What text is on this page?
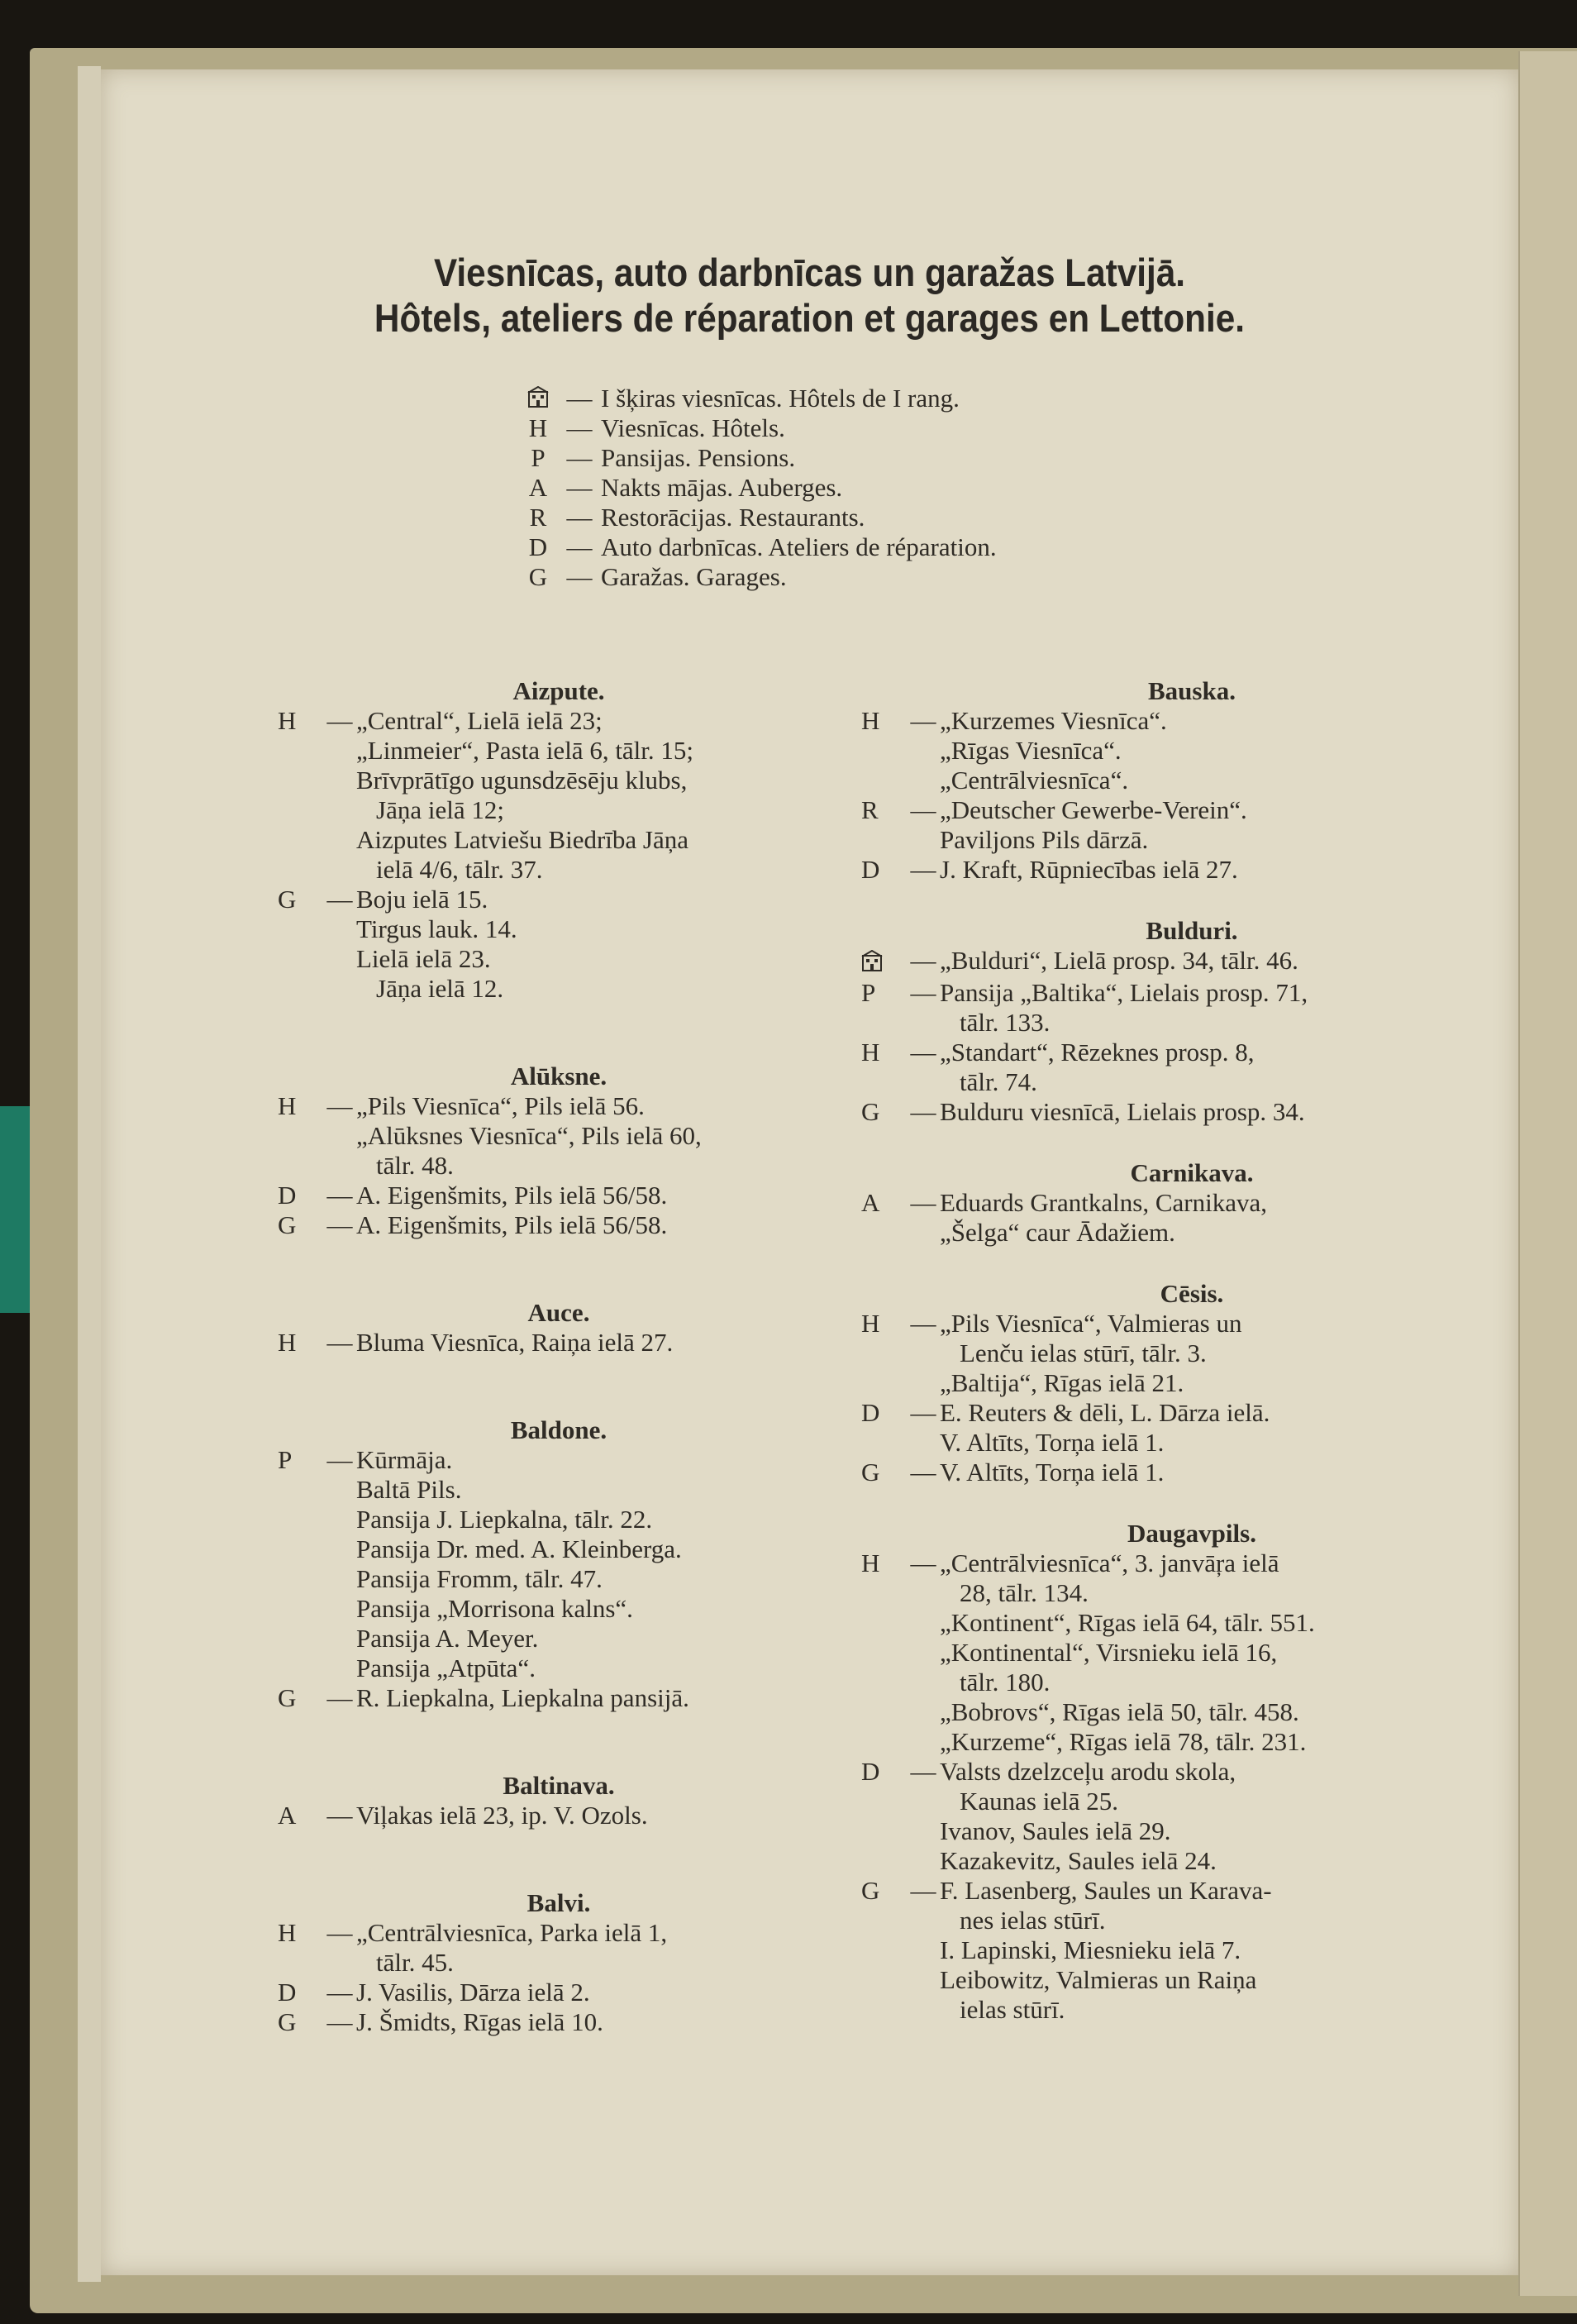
Viesnīcas, auto darbnīcas un garažas Latvijā.
Hôtels, ateliers de réparation et garages en Lettonie.
— I šķiras viesnīcas. Hôtels de I rang.
H — Viesnīcas. Hôtels.
P — Pansijas. Pensions.
A — Nakts mājas. Auberges.
R — Restorācijas. Restaurants.
D — Auto darbnīcas. Ateliers de réparation.
G — Garažas. Garages.
Aizpute.
H	— „Central“, Lielā ielā 23;
„Linmeier“, Pasta ielā 6, tālr. 15;
Brīvprātīgo ugunsdzēsēju klubs,
Jāņa ielā 12;
Aizputes Latviešu Biedrība Jāņa
ielā 4/6, tālr. 37.
G	— Boju ielā 15.
Tirgus lauk. 14.
Lielā ielā 23.
Jāņa ielā 12.
Alūksne.
H	— „Pils Viesnīca“, Pils ielā 56.
„Alūksnes Viesnīca“, Pils ielā 60,
tālr. 48.
D	— A. Eigenšmits, Pils ielā 56/58.
G	— A. Eigenšmits, Pils ielā 56/58.
Auce.
H	— Bluma Viesnīca, Raiņa ielā 27.
Baldone.
P	— Kūrmāja.
Baltā Pils.
Pansija J. Liepkalna, tālr. 22.
Pansija Dr. med. A. Kleinberga.
Pansija Fromm, tālr. 47.
Pansija „Morrisona kalns“.
Pansija A. Meyer.
Pansija „Atpūta“.
G	— R. Liepkalna, Liepkalna pansijā.
Baltinava.
A	— Viļakas ielā 23, ip. V. Ozols.
Balvi.
H	— „Centrālviesnīca, Parka ielā 1,
tālr. 45.
D	— J. Vasilis, Dārza ielā 2.
G	— J. Šmidts, Rīgas ielā 10.
Bauska.
H	— „Kurzemes Viesnīca“.
„Rīgas Viesnīca“.
„Centrālviesnīca“.
R	— „Deutscher Gewerbe-Verein“.
Paviljons Pils dārzā.
D	— J. Kraft, Rūpniecības ielā 27.
Bulduri.
— „Bulduri“, Lielā prosp. 34, tālr. 46.
P	— Pansija „Baltika“, Lielais prosp. 71,
tālr. 133.
H	— „Standart“, Rēzeknes prosp. 8,
tālr. 74.
G	— Bulduru viesnīcā, Lielais prosp. 34.
Carnikava.
A	— Eduards Grantkalns, Carnikava,
„Šelga“ caur Ādažiem.
Cēsis.
H	— „Pils Viesnīca“, Valmieras un
Lenču ielas stūrī, tālr. 3.
„Baltija“, Rīgas ielā 21.
D	— E. Reuters & dēli, L. Dārza ielā.
V. Altīts, Torņa ielā 1.
G	— V. Altīts, Torņa ielā 1.
Daugavpils.
H	— „Centrālviesnīca“, 3. janvāŗa ielā
28, tālr. 134.
„Kontinent“, Rīgas ielā 64, tālr. 551.
„Kontinental“, Virsnieku ielā 16,
tālr. 180.
„Bobrovs“, Rīgas ielā 50, tālr. 458.
„Kurzeme“, Rīgas ielā 78, tālr. 231.
D	— Valsts dzelzceļu arodu skola,
Kaunas ielā 25.
Ivanov, Saules ielā 29.
Kazakevitz, Saules ielā 24.
G	— F. Lasenberg, Saules un Karava-
nes ielas stūrī.
I. Lapinski, Miesnieku ielā 7.
Leibowitz, Valmieras un Raiņa
ielas stūrī.
